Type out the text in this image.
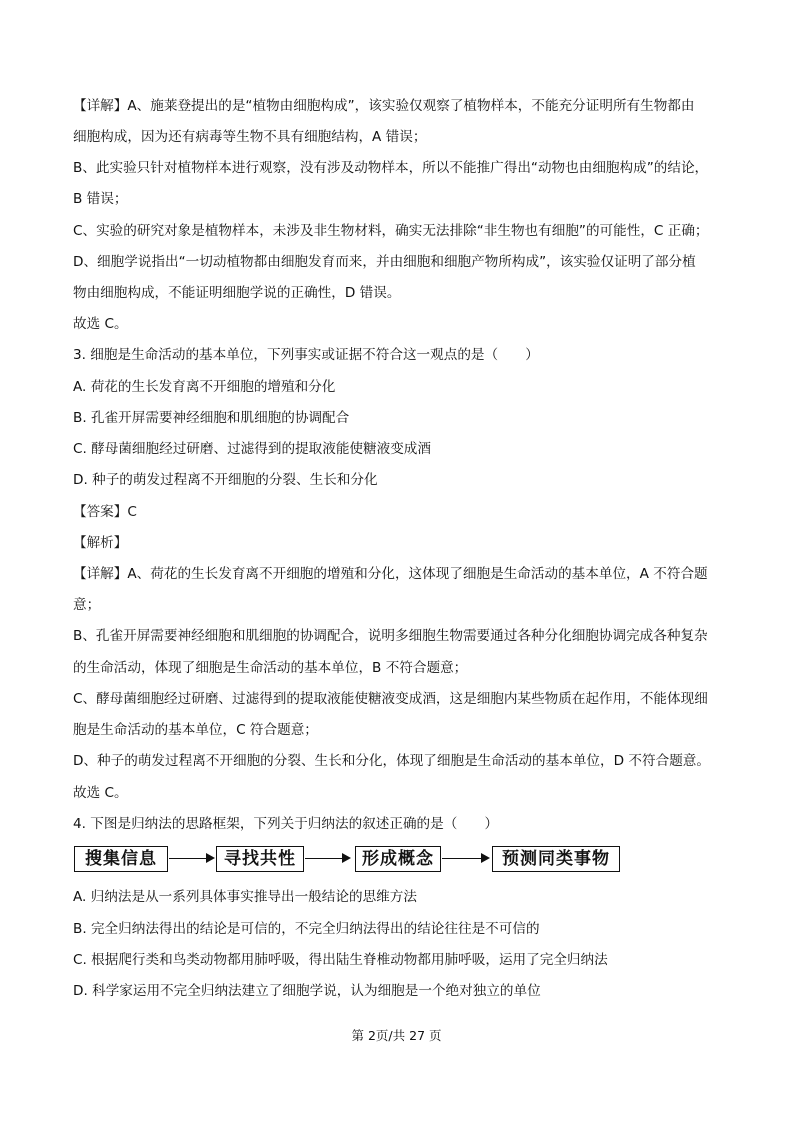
【详解】A、施莱登提出的是“植物由细胞构成”，该实验仅观察了植物样本，不能充分证明所有生物都由
细胞构成，因为还有病毒等生物不具有细胞结构，A 错误；
B、此实验只针对植物样本进行观察，没有涉及动物样本，所以不能推广得出“动物也由细胞构成”的结论，
B 错误；
C、实验的研究对象是植物样本，未涉及非生物材料，确实无法排除“非生物也有细胞”的可能性，C 正确；
D、细胞学说指出“一切动植物都由细胞发育而来，并由细胞和细胞产物所构成”，该实验仅证明了部分植
物由细胞构成，不能证明细胞学说的正确性，D 错误。
故选 C。
3. 细胞是生命活动的基本单位，下列事实或证据不符合这一观点的是（　　）
A. 荷花的生长发育离不开细胞的增殖和分化
B. 孔雀开屏需要神经细胞和肌细胞的协调配合
C. 酵母菌细胞经过研磨、过滤得到的提取液能使糖液变成酒
D. 种子的萌发过程离不开细胞的分裂、生长和分化
【答案】C
【解析】
【详解】A、荷花的生长发育离不开细胞的增殖和分化，这体现了细胞是生命活动的基本单位，A 不符合题
意；
B、孔雀开屏需要神经细胞和肌细胞的协调配合，说明多细胞生物需要通过各种分化细胞协调完成各种复杂
的生命活动，体现了细胞是生命活动的基本单位，B 不符合题意；
C、酵母菌细胞经过研磨、过滤得到的提取液能使糖液变成酒，这是细胞内某些物质在起作用，不能体现细
胞是生命活动的基本单位，C 符合题意；
D、种子的萌发过程离不开细胞的分裂、生长和分化，体现了细胞是生命活动的基本单位，D 不符合题意。
故选 C。
4. 下图是归纳法的思路框架，下列关于归纳法的叙述正确的是（　　）
搜集信息	寻找共性	形成概念	预测同类事物
A. 归纳法是从一系列具体事实推导出一般结论的思维方法
B. 完全归纳法得出的结论是可信的，不完全归纳法得出的结论往往是不可信的
C. 根据爬行类和鸟类动物都用肺呼吸，得出陆生脊椎动物都用肺呼吸，运用了完全归纳法
D. 科学家运用不完全归纳法建立了细胞学说，认为细胞是一个绝对独立的单位
第 2页/共 27 页
